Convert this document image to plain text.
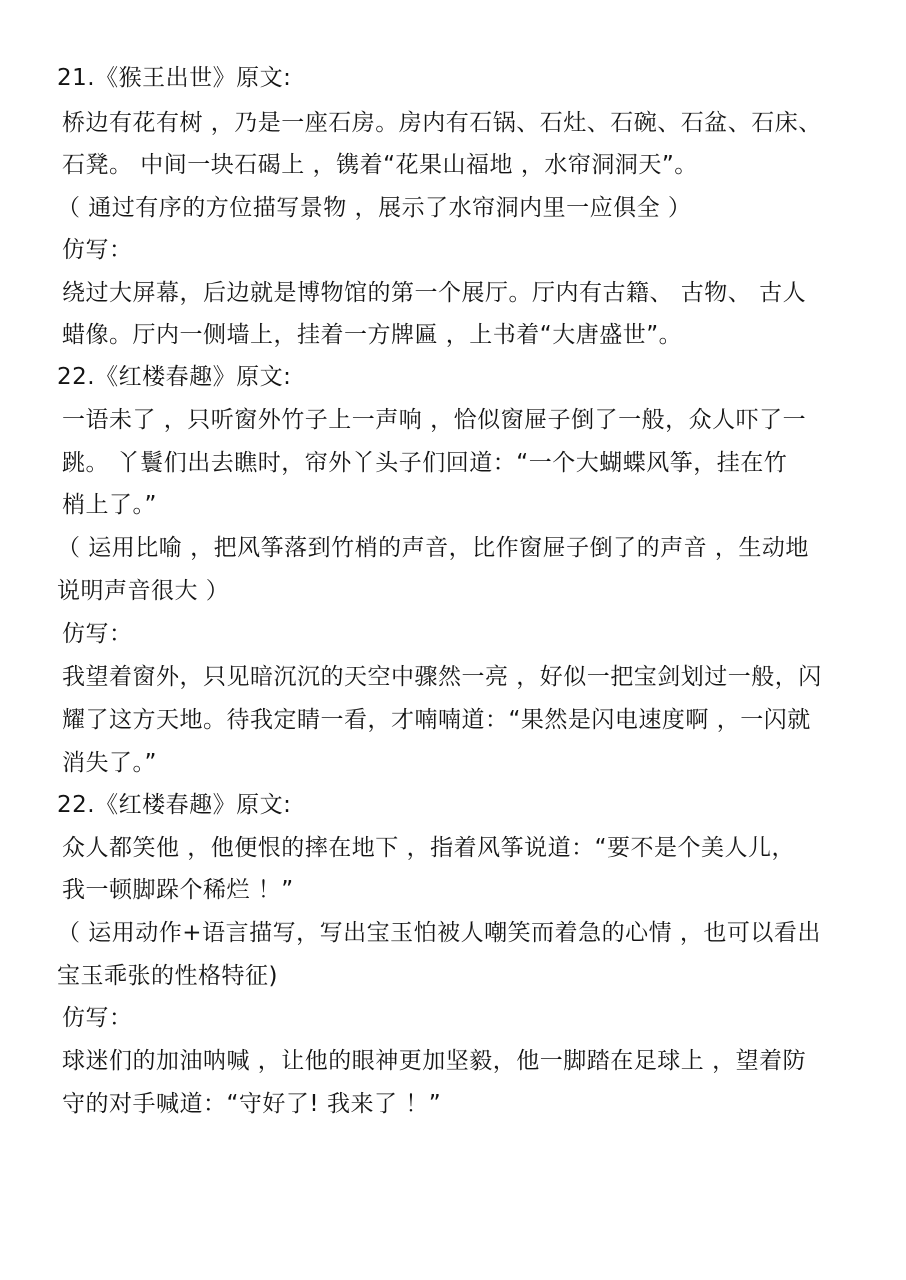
21.《猴王出世》原文:
桥边有花有树 ，乃是一座石房。房内有石锅、石灶、石碗、石盆、石床、
石凳。 中间一块石碣上 ，镌着“花果山福地 ，水帘洞洞天”。
（ 通过有序的方位描写景物 ，展示了水帘洞内里一应俱全 ）
仿写：
绕过大屏幕，后边就是博物馆的第一个展厅。厅内有古籍、 古物、 古人
蜡像。厅内一侧墙上，挂着一方牌匾 ，上书着“大唐盛世”。
22.《红楼春趣》原文:
一语未了 ，只听窗外竹子上一声响 ，恰似窗屉子倒了一般，众人吓了一
跳。 丫鬟们出去瞧时，帘外丫头子们回道：“一个大蝴蝶风筝，挂在竹
梢上了。”
（ 运用比喻 ，把风筝落到竹梢的声音，比作窗屉子倒了的声音 ，生动地
说明声音很大 ）
仿写：
我望着窗外，只见暗沉沉的天空中骤然一亮 ，好似一把宝剑划过一般，闪
耀了这方天地。待我定睛一看，才喃喃道：“果然是闪电速度啊 ，一闪就
消失了。”
22.《红楼春趣》原文:
众人都笑他 ，他便恨的摔在地下 ，指着风筝说道：“要不是个美人儿，
我一顿脚跺个稀烂 ！”
（ 运用动作+语言描写，写出宝玉怕被人嘲笑而着急的心情 ，也可以看出
宝玉乖张的性格特征)
仿写：
球迷们的加油呐喊 ，让他的眼神更加坚毅，他一脚踏在足球上 ，望着防
守的对手喊道：“守好了! 我来了 ！”
